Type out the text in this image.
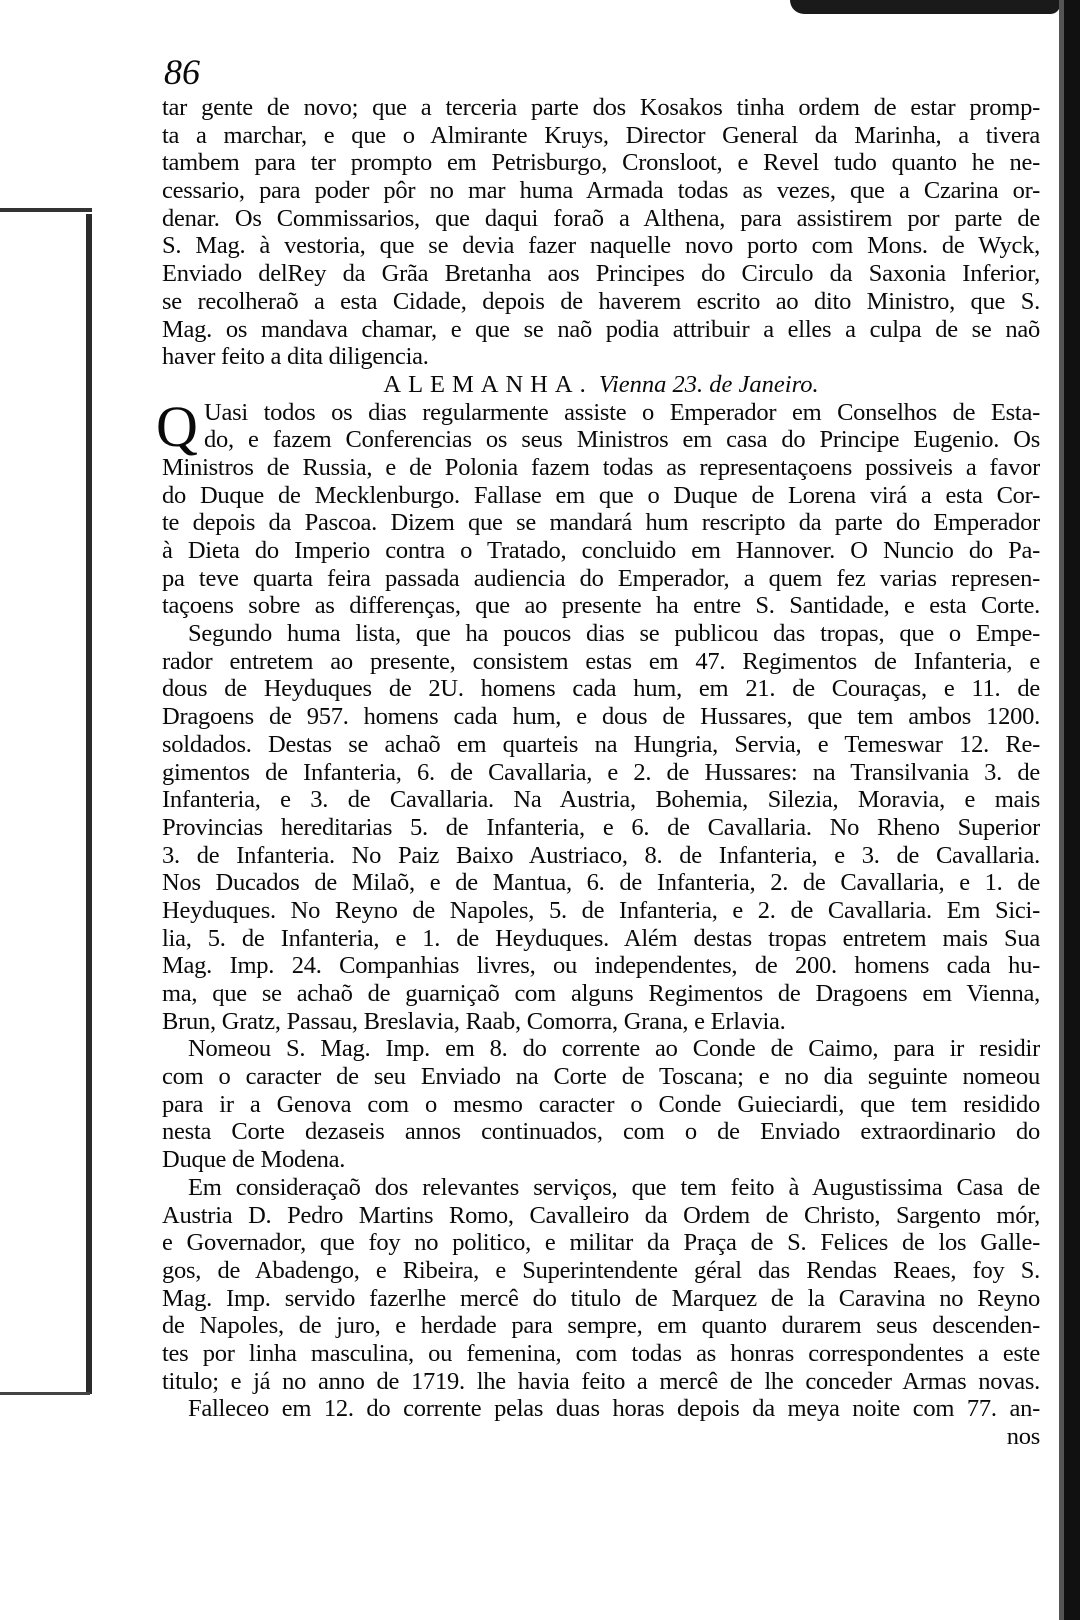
86
tar gente de novo; que a terceria parte dos Kosakos tinha ordem de estar promp-
ta a marchar, e que o Almirante Kruys, Director General da Marinha, a tivera
tambem para ter prompto em Petrisburgo, Cronsloot, e Revel tudo quanto he ne-
cessario, para poder pôr no mar huma Armada todas as vezes, que a Czarina or-
denar. Os Commissarios, que daqui foraõ a Althena, para assistirem por parte de
S. Mag. à vestoria, que se devia fazer naquelle novo porto com Mons. de Wyck,
Enviado delRey da Grãa Bretanha aos Principes do Circulo da Saxonia Inferior,
se recolheraõ a esta Cidade, depois de haverem escrito ao dito Ministro, que S.
Mag. os mandava chamar, e que se naõ podia attribuir a elles a culpa de se naõ
haver feito a dita diligencia.
ALEMANHA. Vienna 23. de Janeiro.
Q Uasi todos os dias regularmente assiste o Emperador em Conselhos de Esta-
do, e fazem Conferencias os seus Ministros em casa do Principe Eugenio. Os
Ministros de Russia, e de Polonia fazem todas as representaçoens possiveis a favor
do Duque de Mecklenburgo. Fallase em que o Duque de Lorena virá a esta Cor-
te depois da Pascoa. Dizem que se mandará hum rescripto da parte do Emperador
à Dieta do Imperio contra o Tratado, concluido em Hannover. O Nuncio do Pa-
pa teve quarta feira passada audiencia do Emperador, a quem fez varias represen-
taçoens sobre as differenças, que ao presente ha entre S. Santidade, e esta Corte.
Segundo huma lista, que ha poucos dias se publicou das tropas, que o Empe-
rador entretem ao presente, consistem estas em 47. Regimentos de Infanteria, e
dous de Heyduques de 2U. homens cada hum, em 21. de Couraças, e 11. de
Dragoens de 957. homens cada hum, e dous de Hussares, que tem ambos 1200.
soldados. Destas se achaõ em quarteis na Hungria, Servia, e Temeswar 12. Re-
gimentos de Infanteria, 6. de Cavallaria, e 2. de Hussares: na Transilvania 3. de
Infanteria, e 3. de Cavallaria. Na Austria, Bohemia, Silezia, Moravia, e mais
Provincias hereditarias 5. de Infanteria, e 6. de Cavallaria. No Rheno Superior
3. de Infanteria. No Paiz Baixo Austriaco, 8. de Infanteria, e 3. de Cavallaria.
Nos Ducados de Milaõ, e de Mantua, 6. de Infanteria, 2. de Cavallaria, e 1. de
Heyduques. No Reyno de Napoles, 5. de Infanteria, e 2. de Cavallaria. Em Sici-
lia, 5. de Infanteria, e 1. de Heyduques. Além destas tropas entretem mais Sua
Mag. Imp. 24. Companhias livres, ou independentes, de 200. homens cada hu-
ma, que se achaõ de guarniçaõ com alguns Regimentos de Dragoens em Vienna,
Brun, Gratz, Passau, Breslavia, Raab, Comorra, Grana, e Erlavia.
Nomeou S. Mag. Imp. em 8. do corrente ao Conde de Caimo, para ir residir
com o caracter de seu Enviado na Corte de Toscana; e no dia seguinte nomeou
para ir a Genova com o mesmo caracter o Conde Guieciardi, que tem residido
nesta Corte dezaseis annos continuados, com o de Enviado extraordinario do
Duque de Modena.
Em consideraçaõ dos relevantes serviços, que tem feito à Augustissima Casa de
Austria D. Pedro Martins Romo, Cavalleiro da Ordem de Christo, Sargento mór,
e Governador, que foy no politico, e militar da Praça de S. Felices de los Galle-
gos, de Abadengo, e Ribeira, e Superintendente géral das Rendas Reaes, foy S.
Mag. Imp. servido fazerlhe mercê do titulo de Marquez de la Caravina no Reyno
de Napoles, de juro, e herdade para sempre, em quanto durarem seus descenden-
tes por linha masculina, ou femenina, com todas as honras correspondentes a este
titulo; e já no anno de 1719. lhe havia feito a mercê de lhe conceder Armas novas.
Falleceo em 12. do corrente pelas duas horas depois da meya noite com 77. an-
nos
